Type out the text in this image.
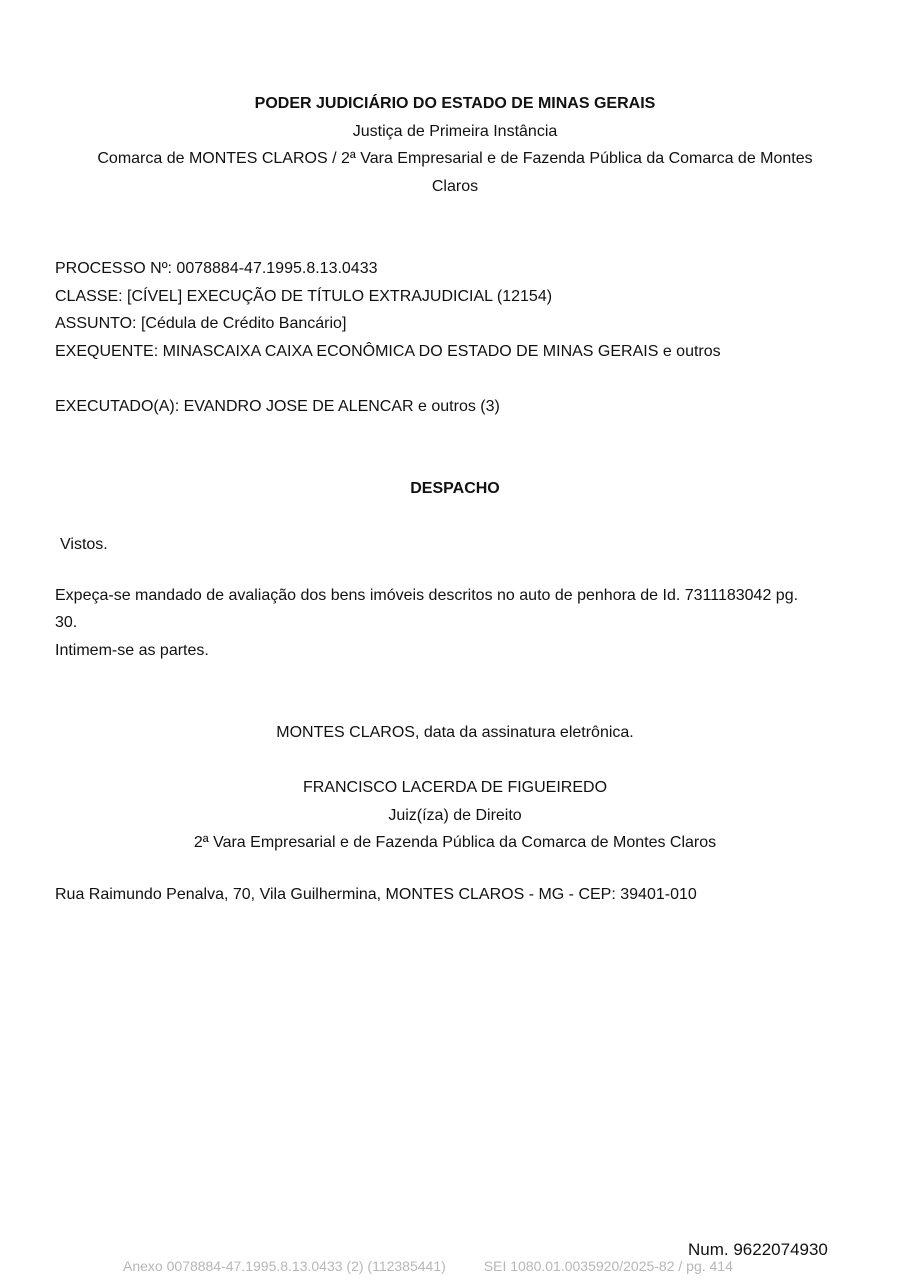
PODER JUDICIÁRIO DO ESTADO DE MINAS GERAIS
Justiça de Primeira Instância
Comarca de MONTES CLAROS / 2ª Vara Empresarial e de Fazenda Pública da Comarca de Montes
Claros
PROCESSO Nº: 0078884-47.1995.8.13.0433
CLASSE: [CÍVEL] EXECUÇÃO DE TÍTULO EXTRAJUDICIAL (12154)
ASSUNTO: [Cédula de Crédito Bancário]
EXEQUENTE: MINASCAIXA CAIXA ECONÔMICA DO ESTADO DE MINAS GERAIS e outros
EXECUTADO(A): EVANDRO JOSE DE ALENCAR e outros (3)
DESPACHO
Vistos.
Expeça-se mandado de avaliação dos bens imóveis descritos no auto de penhora de Id. 7311183042 pg.
30.
Intimem-se as partes.
MONTES CLAROS, data da assinatura eletrônica.
FRANCISCO LACERDA DE FIGUEIREDO
Juiz(íza) de Direito
2ª Vara Empresarial e de Fazenda Pública da Comarca de Montes Claros
Rua Raimundo Penalva, 70, Vila Guilhermina, MONTES CLAROS - MG - CEP: 39401-010
Num. 9622074930
Anexo 0078884-47.1995.8.13.0433 (2) (112385441)	SEI 1080.01.0035920/2025-82 / pg. 414
